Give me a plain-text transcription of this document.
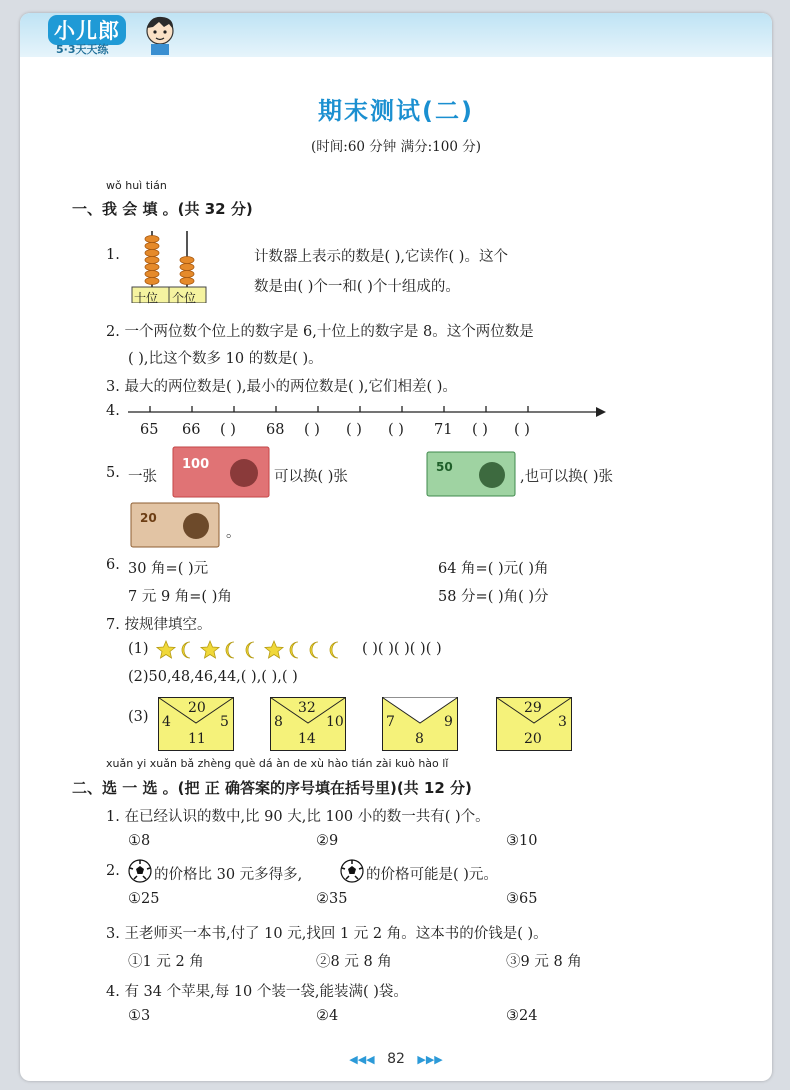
小儿郎
5·3天天练
期末测试(二)
(时间:60 分钟 满分:100 分)
wǒ huì tián
一、我 会 填 。(共 32 分)
1.
十位 个位
计数器上表示的数是( ),它读作( )。这个
数是由( )个一和( )个十组成的。
2. 一个两位数个位上的数字是 6,十位上的数字是 8。这个两位数是
( ),比这个数多 10 的数是( )。
3. 最大的两位数是( ),最小的两位数是( ),它们相差( )。
4.
65 66 ( ) 68 ( ) ( ) ( ) 71 ( ) ( )
5. 一张
100
可以换( )张
50
,也可以换( )张
20
。
6. 30 角=( )元	64 角=( )元( )角
7 元 9 角=( )角	58 分=( )角( )分
7. 按规律填空。
(1)	( )( )( )( )( )
(2)50,48,46,44,( ),( ),( )
(3)
20
4	5
11
32
8	10
14
7	9
8
29
3
20
xuǎn yi xuǎn bǎ zhèng què dá àn de xù hào tián zài kuò hào lǐ
二、选 一 选 。(把 正 确答案的序号填在括号里)(共 12 分)
1. 在已经认识的数中,比 90 大,比 100 小的数一共有( )个。
①8	②9	③10
2. 的价格比 30 元多得多,	的价格可能是( )元。
①25	②35	③65
3. 王老师买一本书,付了 10 元,找回 1 元 2 角。这本书的价钱是( )。
①1 元 2 角	②8 元 8 角	③9 元 8 角
4. 有 34 个苹果,每 10 个装一袋,能装满( )袋。
①3	②4	③24
◀◀◀ 82 ▶▶▶
